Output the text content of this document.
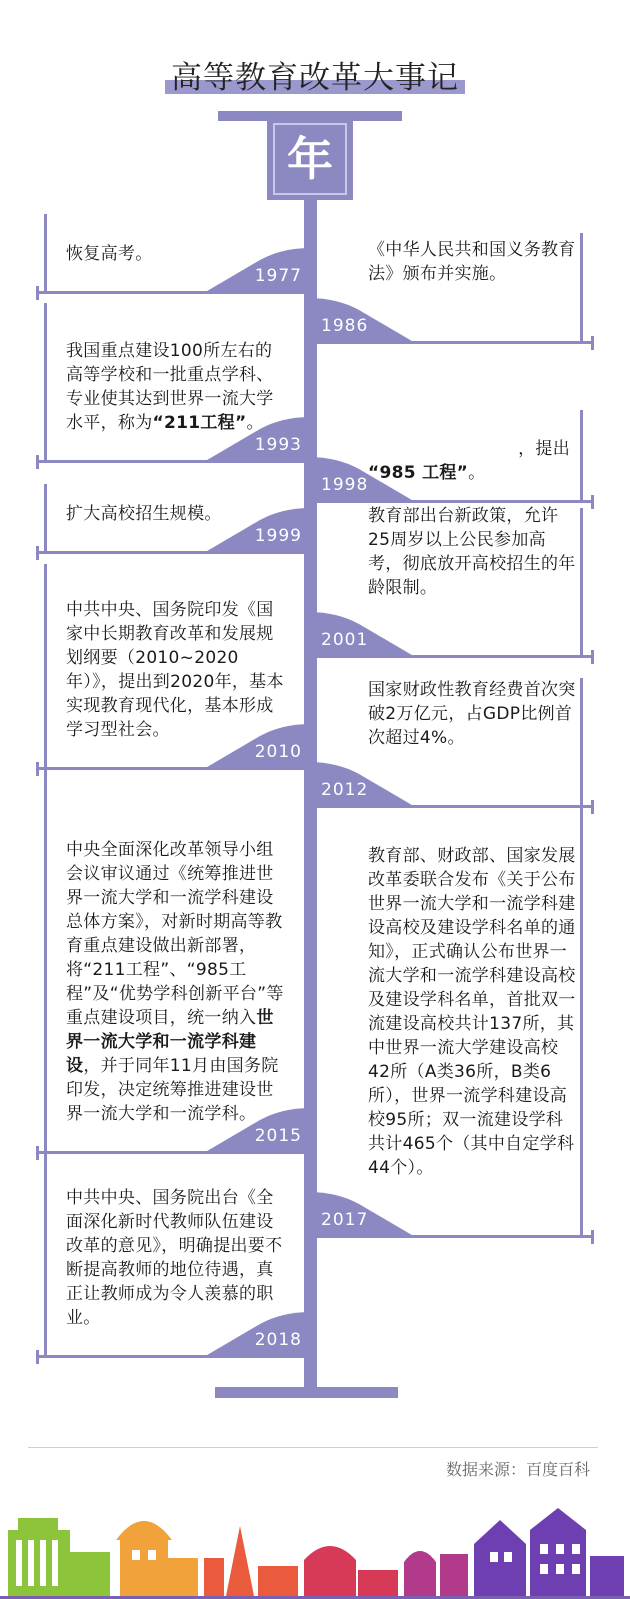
高等教育改革大事记
年
恢复高考。
1977
《中华人民共和国义务教育法》颁布并实施。
1986
我国重点建设100所左右的高等学校和一批重点学科、专业使其达到世界一流大学水平，称为“211工程”。
1993	，提出
“985 工程”。
1998
扩大高校招生规模。
1999
教育部出台新政策，允许25周岁以上公民参加高考，彻底放开高校招生的年龄限制。
2001
中共中央、国务院印发《国家中长期教育改革和发展规划纲要（2010~2020年）》，提出到2020年，基本实现教育现代化，基本形成学习型社会。
2010
国家财政性教育经费首次突破2万亿元，占GDP比例首次超过4%。
2012
中央全面深化改革领导小组会议审议通过《统筹推进世界一流大学和一流学科建设总体方案》，对新时期高等教育重点建设做出新部署，将“211工程”、“985工程”及“优势学科创新平台”等重点建设项目，统一纳入世界一流大学和一流学科建设，并于同年11月由国务院印发，决定统筹推进建设世界一流大学和一流学科。
2015
教育部、财政部、国家发展改革委联合发布《关于公布世界一流大学和一流学科建设高校及建设学科名单的通知》，正式确认公布世界一流大学和一流学科建设高校及建设学科名单，首批双一流建设高校共计137所，其中世界一流大学建设高校42所（A类36所，B类6所），世界一流学科建设高校95所；双一流建设学科共计465个（其中自定学科44个）。
2017
中共中央、国务院出台《全面深化新时代教师队伍建设改革的意见》，明确提出要不断提高教师的地位待遇，真正让教师成为令人羡慕的职业。
2018
数据来源：百度百科
